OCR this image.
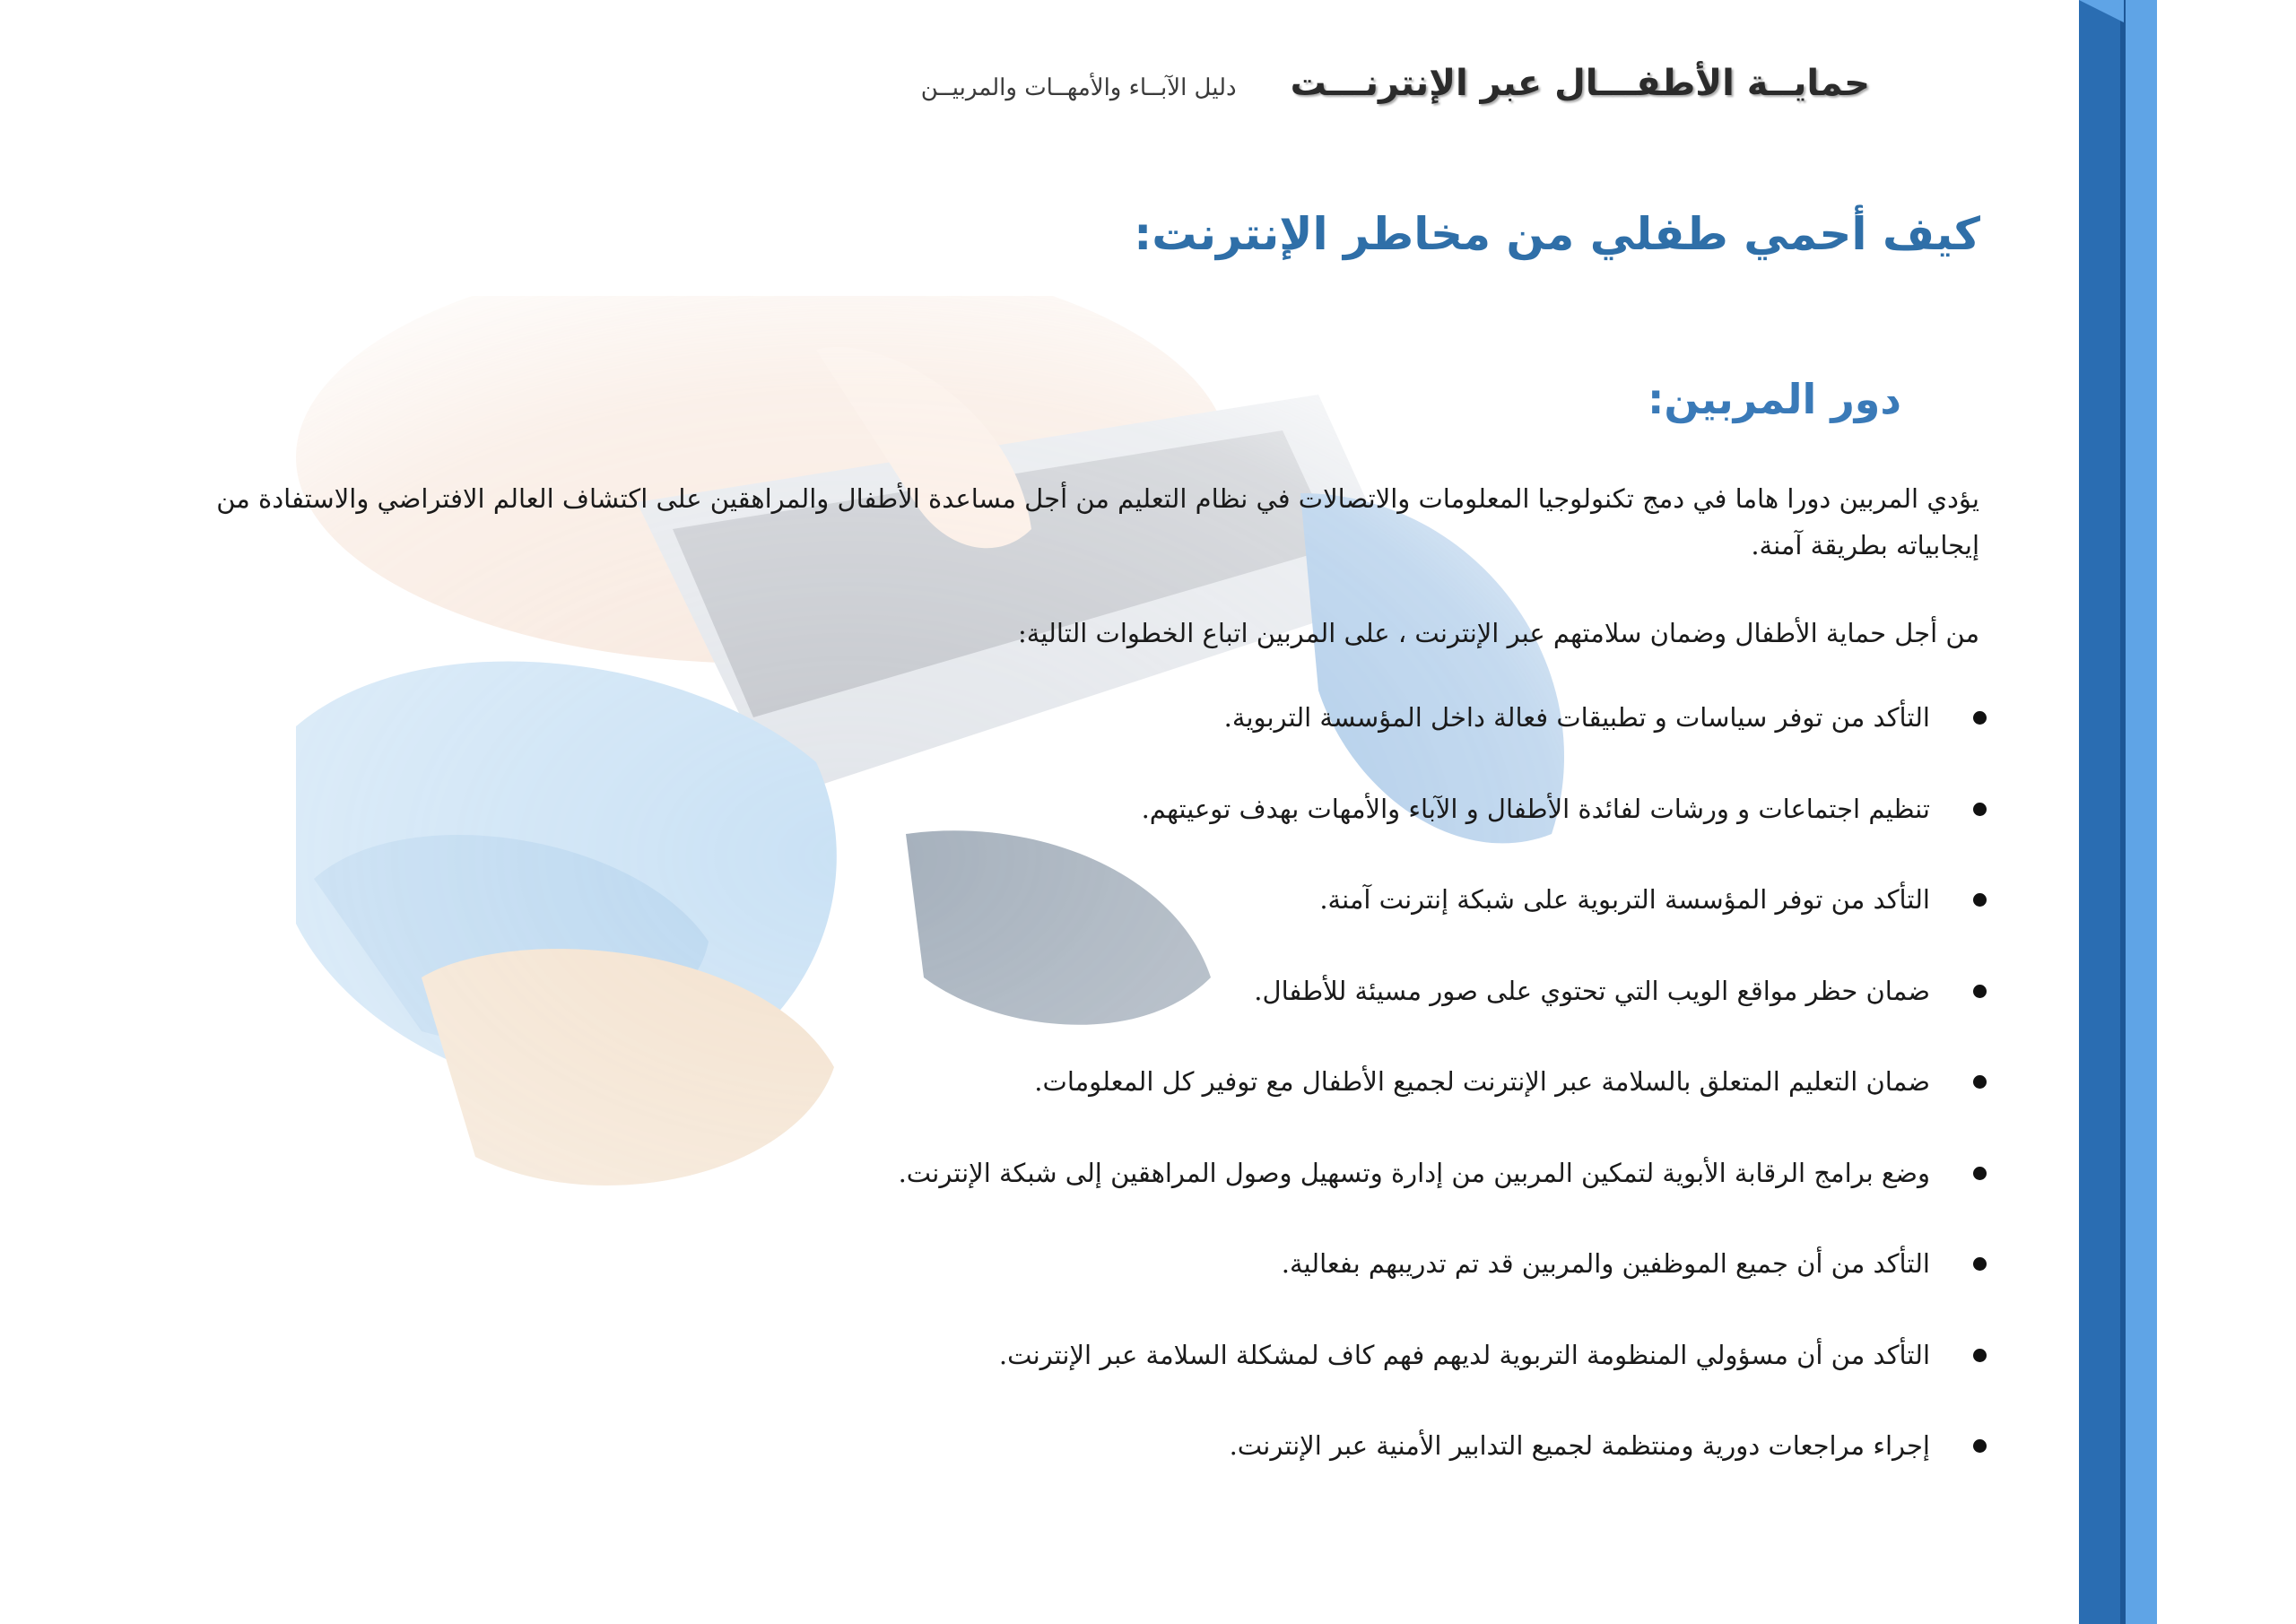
حمايــة الأطفـــال عبر الإنترنـــت
دليل الآبــاء والأمهــات والمربيــن
كيف أحمي طفلي من مخاطر الإنترنت:
دور المربين:

يؤدي المربين دورا هاما في دمج تكنولوجيا المعلومات والاتصالات في نظام التعليم من أجل مساعدة الأطفال والمراهقين على اكتشاف العالم الافتراضي والاستفادة من إيجابياته بطريقة آمنة.

من أجل حماية الأطفال وضمان سلامتهم عبر الإنترنت ، على المربين اتباع الخطوات التالية:

التأكد من توفر سياسات و تطبيقات فعالة داخل المؤسسة التربوية.
تنظيم اجتماعات و ورشات لفائدة الأطفال و الآباء والأمهات بهدف توعيتهم.
التأكد من توفر المؤسسة التربوية على شبكة إنترنت آمنة.
ضمان حظر مواقع الويب التي تحتوي على صور مسيئة للأطفال.
ضمان التعليم المتعلق بالسلامة عبر الإنترنت لجميع الأطفال مع توفير كل المعلومات.
وضع برامج الرقابة الأبوية لتمكين المربين من إدارة وتسهيل وصول المراهقين إلى شبكة الإنترنت.
التأكد من أن جميع الموظفين والمربين قد تم تدريبهم بفعالية.
التأكد من أن مسؤولي المنظومة التربوية لديهم فهم كاف لمشكلة السلامة عبر الإنترنت.
إجراء مراجعات دورية ومنتظمة لجميع التدابير الأمنية عبر الإنترنت.
